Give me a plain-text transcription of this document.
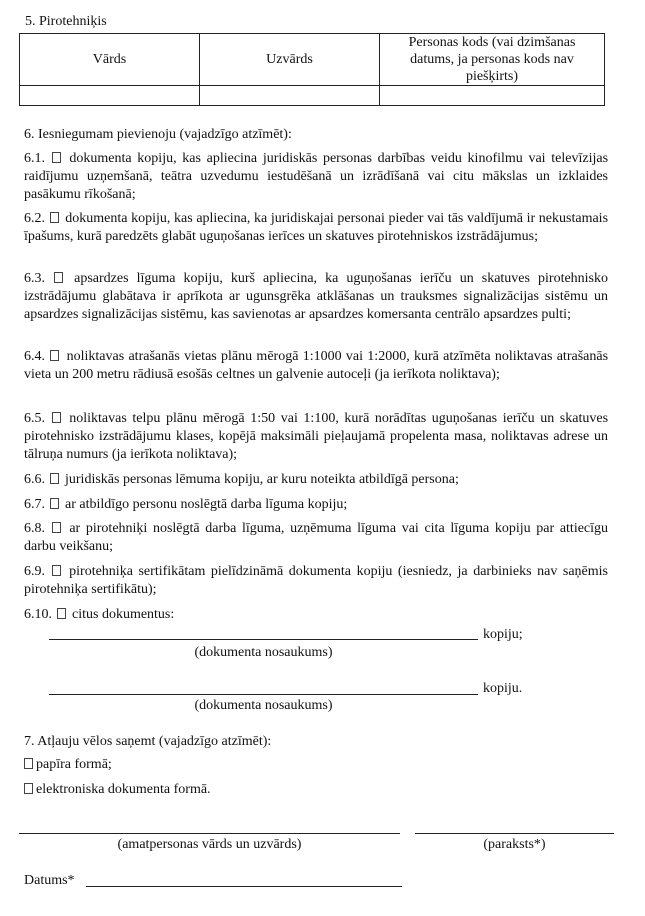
5. Pirotehniķis
Vārds	Uzvārds	Personas kods (vai dzimšanas datums, ja personas kods nav piešķirts)

6. Iesniegumam pievienoju (vajadzīgo atzīmēt):
6.1. dokumenta kopiju, kas apliecina juridiskās personas darbības veidu kinofilmu vai televīzijas raidījumu uzņemšanā, teātra uzvedumu iestudēšanā un izrādīšanā vai citu mākslas un izklaides pasākumu rīkošanā;
6.2. dokumenta kopiju, kas apliecina, ka juridiskajai personai pieder vai tās valdījumā ir nekustamais īpašums, kurā paredzēts glabāt uguņošanas ierīces un skatuves pirotehniskos izstrādājumus;
6.3. apsardzes līguma kopiju, kurš apliecina, ka uguņošanas ierīču un skatuves pirotehnisko izstrādājumu glabātava ir aprīkota ar ugunsgrēka atklāšanas un trauksmes signalizācijas sistēmu un apsardzes signalizācijas sistēmu, kas savienotas ar apsardzes komersanta centrālo apsardzes pulti;
6.4. noliktavas atrašanās vietas plānu mērogā 1:1000 vai 1:2000, kurā atzīmēta noliktavas atrašanās vieta un 200 metru rādiusā esošās celtnes un galvenie autoceļi (ja ierīkota noliktava);
6.5. noliktavas telpu plānu mērogā 1:50 vai 1:100, kurā norādītas uguņošanas ierīču un skatuves pirotehnisko izstrādājumu klases, kopējā maksimāli pieļaujamā propelenta masa, noliktavas adrese un tālruņa numurs (ja ierīkota noliktava);
6.6. juridiskās personas lēmuma kopiju, ar kuru noteikta atbildīgā persona;
6.7. ar atbildīgo personu noslēgtā darba līguma kopiju;
6.8. ar pirotehniķi noslēgtā darba līguma, uzņēmuma līguma vai cita līguma kopiju par attiecīgu darbu veikšanu;
6.9. pirotehniķa sertifikātam pielīdzināmā dokumenta kopiju (iesniedz, ja darbinieks nav saņēmis pirotehniķa sertifikātu);
6.10. citus dokumentus:
kopiju;
(dokumenta nosaukums)
kopiju.
(dokumenta nosaukums)
7. Atļauju vēlos saņemt (vajadzīgo atzīmēt):
papīra formā;
elektroniska dokumenta formā.
(amatpersonas vārds un uzvārds)	(paraksts*)
Datums*
